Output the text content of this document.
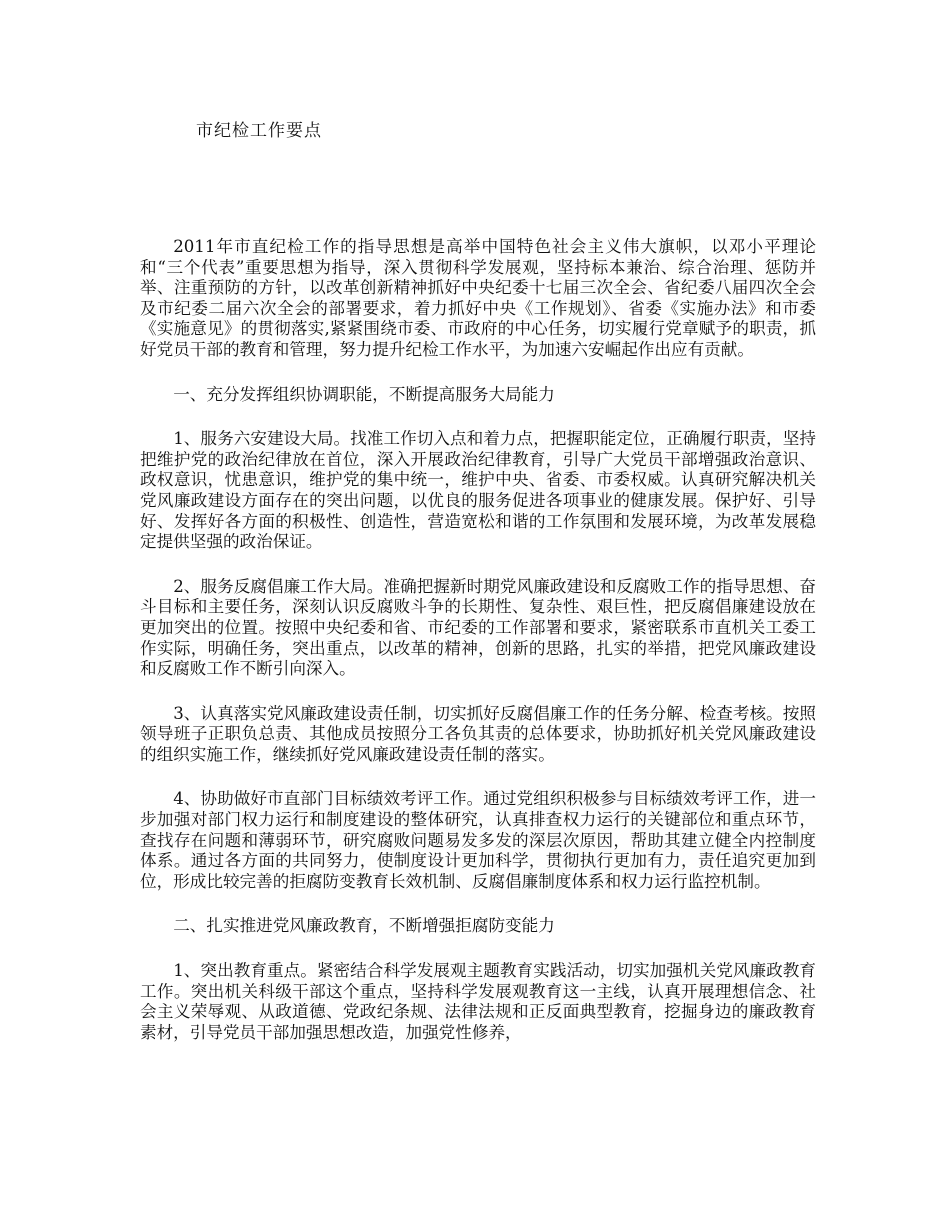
市纪检工作要点

2011年市直纪检工作的指导思想是高举中国特色社会主义伟大旗帜，以邓小平理论和“三个代表”重要思想为指导，深入贯彻科学发展观，坚持标本兼治、综合治理、惩防并举、注重预防的方针，以改革创新精神抓好中央纪委十七届三次全会、省纪委八届四次全会及市纪委二届六次全会的部署要求，着力抓好中央《工作规划》、省委《实施办法》和市委《实施意见》的贯彻落实,紧紧围绕市委、市政府的中心任务，切实履行党章赋予的职责，抓好党员干部的教育和管理，努力提升纪检工作水平，为加速六安崛起作出应有贡献。

一、充分发挥组织协调职能，不断提高服务大局能力

1、服务六安建设大局。找准工作切入点和着力点，把握职能定位，正确履行职责，坚持把维护党的政治纪律放在首位，深入开展政治纪律教育，引导广大党员干部增强政治意识、政权意识，忧患意识，维护党的集中统一，维护中央、省委、市委权威。认真研究解决机关党风廉政建设方面存在的突出问题，以优良的服务促进各项事业的健康发展。保护好、引导好、发挥好各方面的积极性、创造性，营造宽松和谐的工作氛围和发展环境，为改革发展稳定提供坚强的政治保证。

2、服务反腐倡廉工作大局。准确把握新时期党风廉政建设和反腐败工作的指导思想、奋斗目标和主要任务，深刻认识反腐败斗争的长期性、复杂性、艰巨性，把反腐倡廉建设放在更加突出的位置。按照中央纪委和省、市纪委的工作部署和要求，紧密联系市直机关工委工作实际，明确任务，突出重点，以改革的精神，创新的思路，扎实的举措，把党风廉政建设和反腐败工作不断引向深入。

3、认真落实党风廉政建设责任制，切实抓好反腐倡廉工作的任务分解、检查考核。按照领导班子正职负总责、其他成员按照分工各负其责的总体要求，协助抓好机关党风廉政建设的组织实施工作，继续抓好党风廉政建设责任制的落实。

4、协助做好市直部门目标绩效考评工作。通过党组织积极参与目标绩效考评工作，进一步加强对部门权力运行和制度建设的整体研究，认真排查权力运行的关键部位和重点环节，查找存在问题和薄弱环节，研究腐败问题易发多发的深层次原因，帮助其建立健全内控制度体系。通过各方面的共同努力，使制度设计更加科学，贯彻执行更加有力，责任追究更加到位，形成比较完善的拒腐防变教育长效机制、反腐倡廉制度体系和权力运行监控机制。

二、扎实推进党风廉政教育，不断增强拒腐防变能力

1、突出教育重点。紧密结合科学发展观主题教育实践活动，切实加强机关党风廉政教育工作。突出机关科级干部这个重点，坚持科学发展观教育这一主线，认真开展理想信念、社会主义荣辱观、从政道德、党政纪条规、法律法规和正反面典型教育，挖掘身边的廉政教育素材，引导党员干部加强思想改造，加强党性修养，
